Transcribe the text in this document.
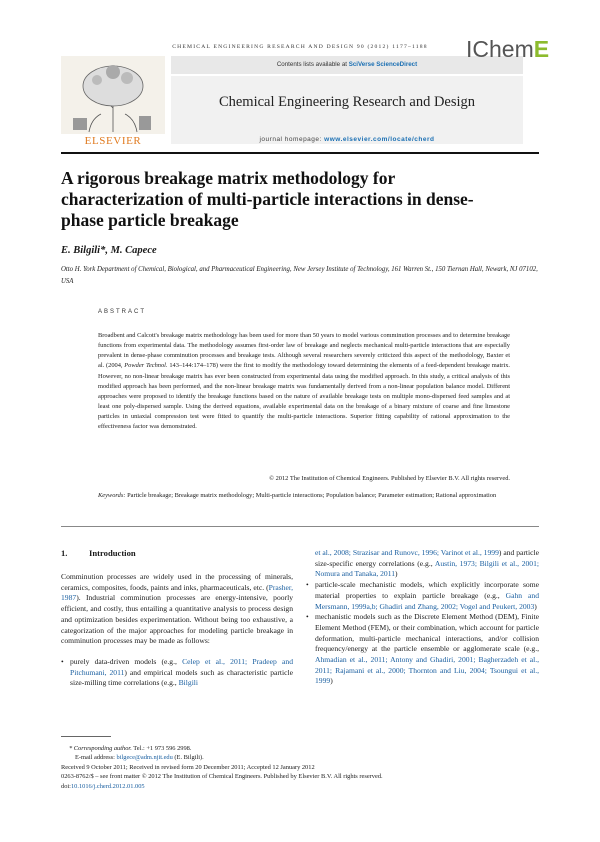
CHEMICAL ENGINEERING RESEARCH AND DESIGN 90 (2012) 1177–1188
ELSEVIER
Contents lists available at SciVerse ScienceDirect
Chemical Engineering Research and Design
journal homepage: www.elsevier.com/locate/cherd
IChemE
A rigorous breakage matrix methodology for characterization of multi-particle interactions in dense-phase particle breakage
E. Bilgili*, M. Capece
Otto H. York Department of Chemical, Biological, and Pharmaceutical Engineering, New Jersey Institute of Technology, 161 Warren St., 150 Tiernan Hall, Newark, NJ 07102, USA
ABSTRACT
Broadbent and Calcott's breakage matrix methodology has been used for more than 50 years to model various comminution processes and to determine breakage functions from experimental data. The methodology assumes first-order law of breakage and neglects mechanical multi-particle interactions that are especially prevalent in dense-phase comminution processes and breakage tests. Although several researchers severely criticized this aspect of the methodology, Baxter et al. (2004, Powder Technol. 143–144:174–178) were the first to modify the methodology toward determining the elements of a feed-dependent breakage matrix. However, no non-linear breakage matrix has ever been constructed from experimental data using the modified approach. In this study, a critical analysis of this modified approach has been performed, and the non-linear breakage matrix was fundamentally derived from a non-linear population balance model. Different approaches were proposed to identify the breakage functions based on the nature of available breakage tests on multiple mono-dispersed feed samples and at least one poly-dispersed sample. Using the derived equations, available experimental data on the breakage of a binary mixture of coarse and fine limestone particles in uniaxial compression test were fitted to quantify the multi-particle interactions. Superior fitting capability of rational approximation to the effectiveness factor was demonstrated.
© 2012 The Institution of Chemical Engineers. Published by Elsevier B.V. All rights reserved.
Keywords: Particle breakage; Breakage matrix methodology; Multi-particle interactions; Population balance; Parameter estimation; Rational approximation
1.	Introduction
Comminution processes are widely used in the processing of minerals, ceramics, composites, foods, paints and inks, pharmaceuticals, etc. (Prasher, 1987). Industrial comminution processes are energy-intensive, poorly efficient, and costly, thus entailing a quantitative analysis to process design and optimization besides experimentation. Without being too exhaustive, a categorization of the major approaches for modeling particle breakage in comminution processes may be made as follows:
• purely data-driven models (e.g., Celep et al., 2011; Pradeep and Pitchumani, 2011) and empirical models such as characteristic particle size-milling time correlations (e.g., Bilgili
et al., 2008; Strazisar and Runovc, 1996; Varinot et al., 1999) and particle size-specific energy correlations (e.g., Austin, 1973; Bilgili et al., 2001; Nomura and Tanaka, 2011)
• particle-scale mechanistic models, which explicitly incorporate some material properties to explain particle breakage (e.g., Gahn and Mersmann, 1999a,b; Ghadiri and Zhang, 2002; Vogel and Peukert, 2003)
• mechanistic models such as the Discrete Element Method (DEM), Finite Element Method (FEM), or their combination, which account for particle deformation, multi-particle mechanical interactions, and/or collision frequency/energy at the particle ensemble or agglomerate scale (e.g., Ahmadian et al., 2011; Antony and Ghadiri, 2001; Bagherzadeh et al., 2011; Rajamani et al., 2000; Thornton and Liu, 2004; Tsoungui et al., 1999)
* Corresponding author. Tel.: +1 973 596 2998.
E-mail address: bilgece@adm.njit.edu (E. Bilgili).
Received 9 October 2011; Received in revised form 20 December 2011; Accepted 12 January 2012
0263-8762/$ – see front matter © 2012 The Institution of Chemical Engineers. Published by Elsevier B.V. All rights reserved.
doi:10.1016/j.cherd.2012.01.005
